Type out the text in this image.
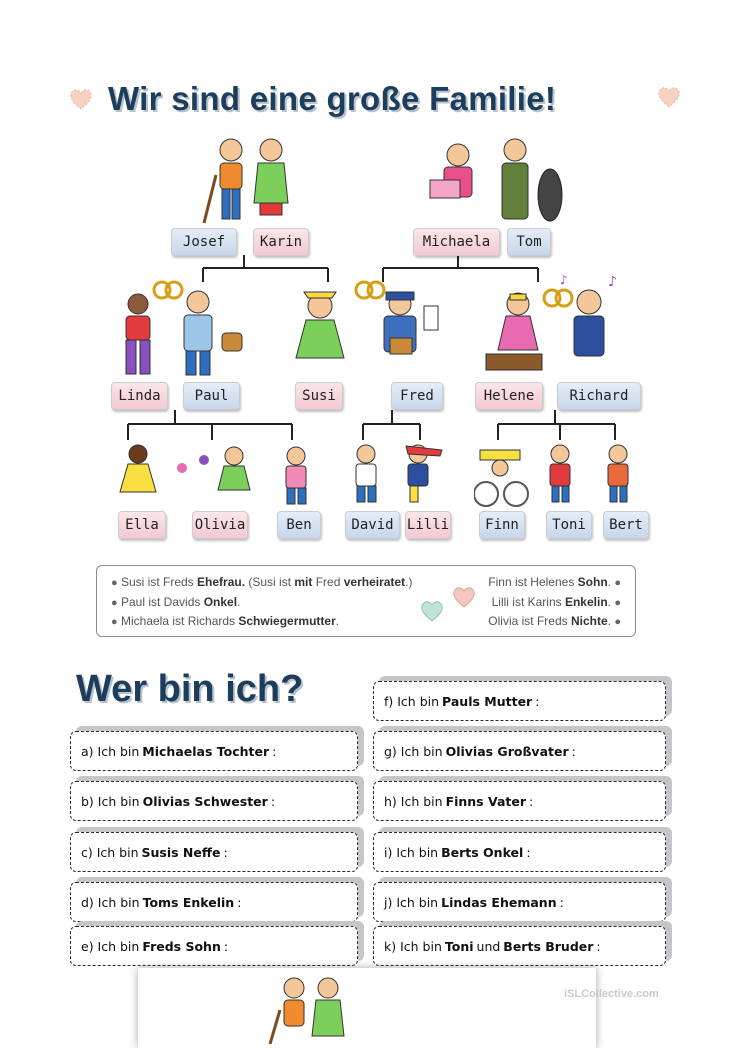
Wir sind eine große Familie!
♪
♪
Josef	Karin	Michaela	Tom
Linda	Paul	Susi	Fred	Helene	Richard
Ella	Olivia	Ben	David Lilli	Finn	Toni	Bert
● Susi ist Freds Ehefrau. (Susi ist mit Fred verheiratet.)
● Paul ist Davids Onkel.
● Michaela ist Richards Schwiegermutter.
Finn ist Helenes Sohn. ●
Lilli ist Karins Enkelin. ●
Olivia ist Freds Nichte. ●
Wer bin ich?
a) Ich bin Michaelas Tochter :
b) Ich bin Olivias Schwester :
c) Ich bin Susis Neffe :
d) Ich bin Toms Enkelin :
e) Ich bin Freds Sohn :
f) Ich bin Pauls Mutter :
g) Ich bin Olivias Großvater :
h) Ich bin Finns Vater :
i) Ich bin Berts Onkel :
j) Ich bin Lindas Ehemann :
k) Ich bin Toni und Berts Bruder :
iSLCollective.com
